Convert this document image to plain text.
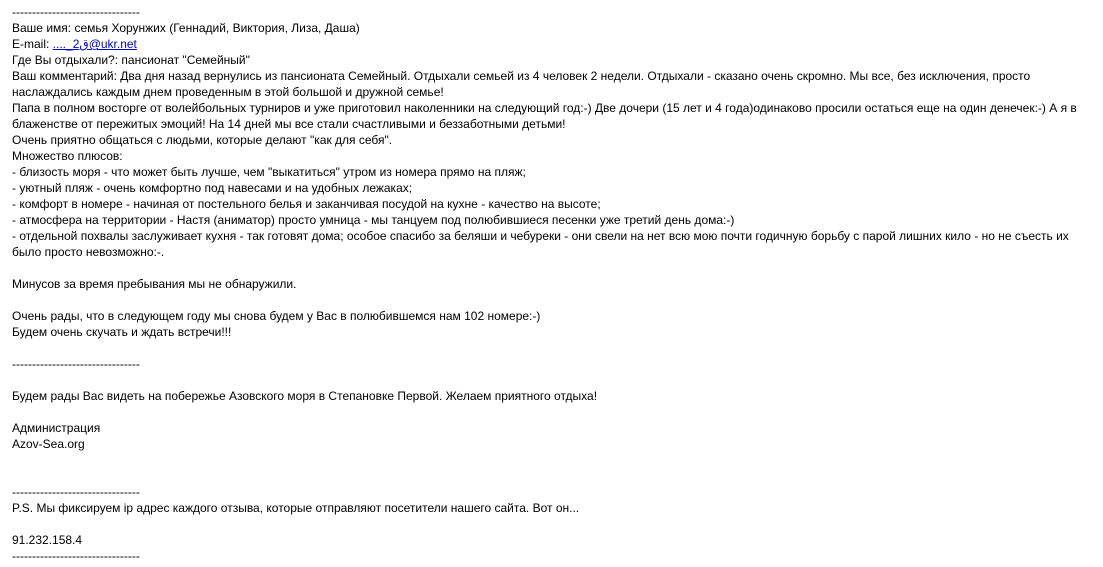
--------------------------------
Ваше имя: семья Хорунжих (Геннадий, Виктория, Лиза, Даша)
E-mail: ...._ق2@ukr.net
Где Вы отдыхали?: пансионат "Семейный"
Ваш комментарий: Два дня назад вернулись из пансионата Семейный. Отдыхали семьей из 4 человек 2 недели. Отдыхали - сказано очень скромно. Мы все, без исключения, просто наслаждались каждым днем проведенным в этой большой и дружной семье!
Папа в полном восторге от волейбольных турниров и уже приготовил наколенники на следующий год:-) Две дочери (15 лет и 4 года)одинаково просили остаться еще на один денечек:-) А я в блаженстве от пережитых эмоций! На 14 дней мы все стали счастливыми и беззаботными детьми!
Очень приятно общаться с людьми, которые делают "как для себя".
Множество плюсов:
- близость моря - что может быть лучше, чем "выкатиться" утром из номера прямо на пляж;
- уютный пляж - очень комфортно под навесами и на удобных лежаках;
- комфорт в номере - начиная от постельного белья и заканчивая посудой на кухне - качество на высоте;
- атмосфера на территории - Настя (аниматор) просто умница - мы танцуем под полюбившиеся песенки уже третий день дома:-)
- отдельной похвалы заслуживает кухня - так готовят дома; особое спасибо за беляши и чебуреки - они свели на нет всю мою почти годичную борьбу с парой лишних кило - но не съесть их было просто невозможно:-.
Минусов за время пребывания мы не обнаружили.
Очень рады, что в следующем году мы снова будем у Вас в полюбившемся нам 102 номере:-)
Будем очень скучать и ждать встречи!!!
--------------------------------
Будем рады Вас видеть на побережье Азовского моря в Степановке Первой. Желаем приятного отдыха!
Администрация
Azov-Sea.org
--------------------------------
P.S. Мы фиксируем ip адрес каждого отзыва, которые отправляют посетители нашего сайта. Вот он...
91.232.158.4
--------------------------------
